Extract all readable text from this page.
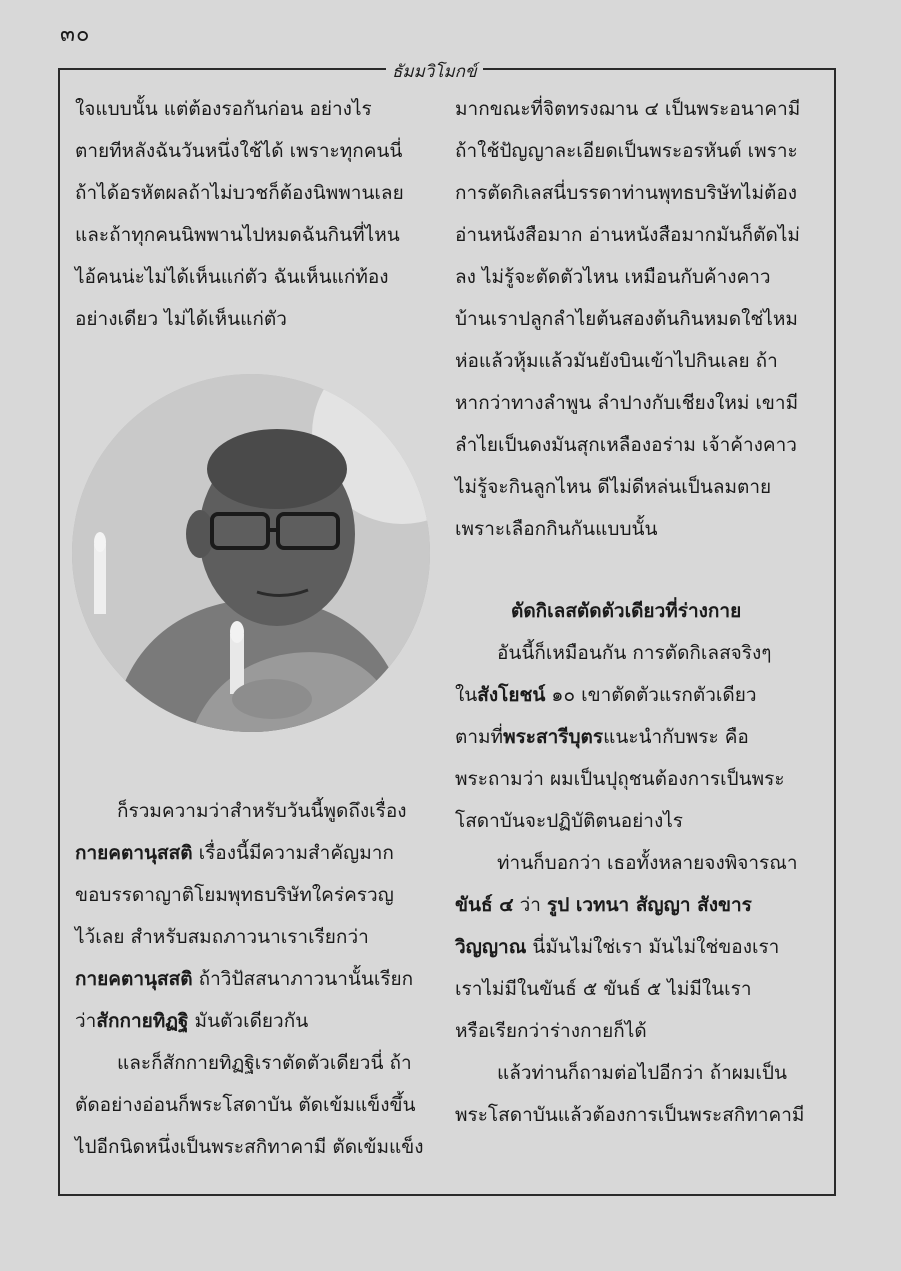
๓๐
ธัมมวิโมกข์

ใจแบบนั้น แต่ต้องรอกันก่อน อย่างไร

ตายทีหลังฉันวันหนึ่งใช้ได้ เพราะทุกคนนี่

ถ้าได้อรหัตผลถ้าไม่บวชก็ต้องนิพพานเลย

และถ้าทุกคนนิพพานไปหมดฉันกินที่ไหน

ไอ้คนน่ะไม่ได้เห็นแก่ตัว ฉันเห็นแก่ท้อง

อย่างเดียว ไม่ได้เห็นแก่ตัว

ก็รวมความว่าสำหรับวันนี้พูดถึงเรื่อง

กายคตานุสสติ เรื่องนี้มีความสำคัญมาก

ขอบรรดาญาติโยมพุทธบริษัทใคร่ครวญ

ไว้เลย สำหรับสมถภาวนาเราเรียกว่า

กายคตานุสสติ ถ้าวิปัสสนาภาวนานั้นเรียก

ว่าสักกายทิฏฐิ มันตัวเดียวกัน

และก็สักกายทิฏฐิเราตัดตัวเดียวนี่ ถ้า

ตัดอย่างอ่อนก็พระโสดาบัน ตัดเข้มแข็งขึ้น

ไปอีกนิดหนึ่งเป็นพระสกิทาคามี ตัดเข้มแข็ง

มากขณะที่จิตทรงฌาน ๔ เป็นพระอนาคามี

ถ้าใช้ปัญญาละเอียดเป็นพระอรหันต์ เพราะ

การตัดกิเลสนี่บรรดาท่านพุทธบริษัทไม่ต้อง

อ่านหนังสือมาก อ่านหนังสือมากมันก็ตัดไม่

ลง ไม่รู้จะตัดตัวไหน เหมือนกับค้างคาว

บ้านเราปลูกลำไยต้นสองต้นกินหมดใช่ไหม

ห่อแล้วหุ้มแล้วมันยังบินเข้าไปกินเลย ถ้า

หากว่าทางลำพูน ลำปางกับเชียงใหม่ เขามี

ลำไยเป็นดงมันสุกเหลืองอร่าม เจ้าค้างคาว

ไม่รู้จะกินลูกไหน ดีไม่ดีหล่นเป็นลมตาย

เพราะเลือกกินกันแบบนั้น

ตัดกิเลสตัดตัวเดียวที่ร่างกาย

อันนี้ก็เหมือนกัน การตัดกิเลสจริงๆ

ในสังโยชน์ ๑๐ เขาตัดตัวแรกตัวเดียว

ตามที่พระสารีบุตรแนะนำกับพระ คือ

พระถามว่า ผมเป็นปุถุชนต้องการเป็นพระ

โสดาบันจะปฏิบัติตนอย่างไร

ท่านก็บอกว่า เธอทั้งหลายจงพิจารณา

ขันธ์ ๔ ว่า รูป เวทนา สัญญา สังขาร

วิญญาณ นี่มันไม่ใช่เรา มันไม่ใช่ของเรา

เราไม่มีในขันธ์ ๕ ขันธ์ ๕ ไม่มีในเรา

หรือเรียกว่าร่างกายก็ได้

แล้วท่านก็ถามต่อไปอีกว่า ถ้าผมเป็น

พระโสดาบันแล้วต้องการเป็นพระสกิทาคามี
